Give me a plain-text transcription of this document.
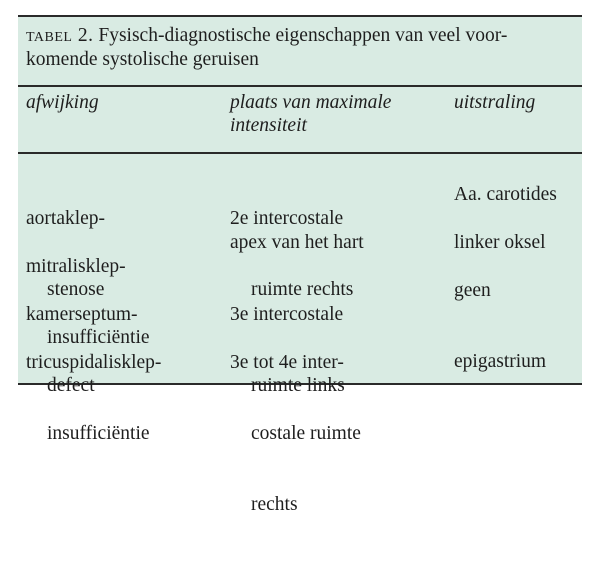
tabel 2. Fysisch-diagnostische eigenschappen van veel voor-
komende systolische geruisen
afwijking	plaats van maximale
intensiteit
uitstraling

aortaklep-

stenose

2e intercostale

ruimte rechts

Aa. carotides

mitralisklep-

insufficiëntie

apex van het hart	linker oksel

kamerseptum-

defect

3e intercostale

ruimte links

geen

tricuspidalisklep-

insufficiëntie

3e tot 4e inter-

costale ruimte

rechts

epigastrium
